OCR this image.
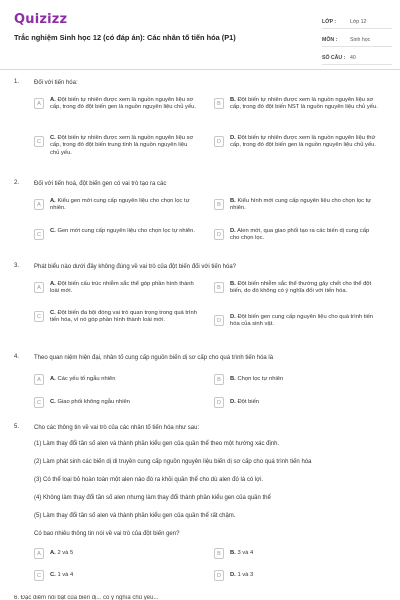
Quizizz
Trắc nghiệm Sinh học 12 (có đáp án): Các nhân tố tiến hóa (P1)
LỚP :	Lớp 12
MÔN :	Sinh học
SỐ CÂU : 40
1. Đối với tiến hóa:
A
A. Đột biến tự nhiên được xem là nguồn nguyên liệu sơ cấp, trong đó đột biến gen là nguồn nguyên liệu chủ yếu.
B
B. Đột biến tự nhiên được xem là nguồn nguyên liệu sơ cấp, trong đó đột biến NST là nguồn nguyên liệu chủ yếu.
C
C. Đột biến tự nhiên được xem là nguồn nguyên liệu sơ cấp, trong đó đột biến trung tính là nguồn nguyên liệu chủ yếu.
D
D. Đột biến tự nhiên được xem là nguồn nguyên liệu thứ cấp, trong đó đột biến gen là nguồn nguyên liệu chủ yếu.
2. Đối với tiến hoá, đột biến gen có vai trò tạo ra các
A
A. Kiểu gen mới cung cấp nguyên liệu cho chọn lọc tự nhiên.
B
B. Kiểu hình mới cung cấp nguyên liệu cho chọn lọc tự nhiên.
C
C. Gen mới cung cấp nguyên liệu cho chọn lọc tự nhiên.
D
D. Alen mới, qua giao phối tạo ra các biến dị cung cấp cho chọn lọc.
3. Phát biểu nào dưới đây không đúng về vai trò của đột biến đối với tiến hóa?
A
A. Đột biến cấu trúc nhiễm sắc thể góp phần hình thành loài mới.
B
B. Đột biến nhiễm sắc thể thường gây chết cho thể đột biến, do đó không có ý nghĩa đối với tiến hóa.
C
C. Đột biến đa bội đóng vai trò quan trọng trong quá trình tiến hóa, vì nó góp phần hình thành loài mới.	D
D. Đột biến gen cung cấp nguyên liệu cho quá trình tiến hóa của sinh vật.
4. Theo quan niệm hiện đại, nhân tố cung cấp nguồn biến dị sơ cấp cho quá trình tiến hóa là
A	A. Các yếu tố ngẫu nhiên	B	B. Chọn lọc tự nhiên
C	C. Giao phối không ngẫu nhiên	D	D. Đột biến
5. Cho các thông tin về vai trò của các nhân tố tiến hóa như sau:
(1) Làm thay đổi tần số alen và thành phần kiểu gen của quần thể theo một hướng xác định.
(2) Làm phát sinh các biến dị di truyền cung cấp nguồn nguyên liệu biến dị sơ cấp cho quá trình tiến hóa
(3) Có thể loại bỏ hoàn toàn một alen nào đó ra khỏi quần thể cho dù alen đó là có lợi.
(4) Không làm thay đổi tần số alen nhưng làm thay đổi thành phần kiểu gen của quần thể
(5) Làm thay đổi tần số alen và thành phần kiểu gen của quần thể rất chậm.
Có bao nhiêu thông tin nói về vai trò của đột biến gen?
A	A. 2 và 5	B	B. 3 và 4
C	C. 1 và 4	D	D. 1 và 3
6. Đặc điểm nổi bật của biến dị... có ý nghĩa chủ yếu...
